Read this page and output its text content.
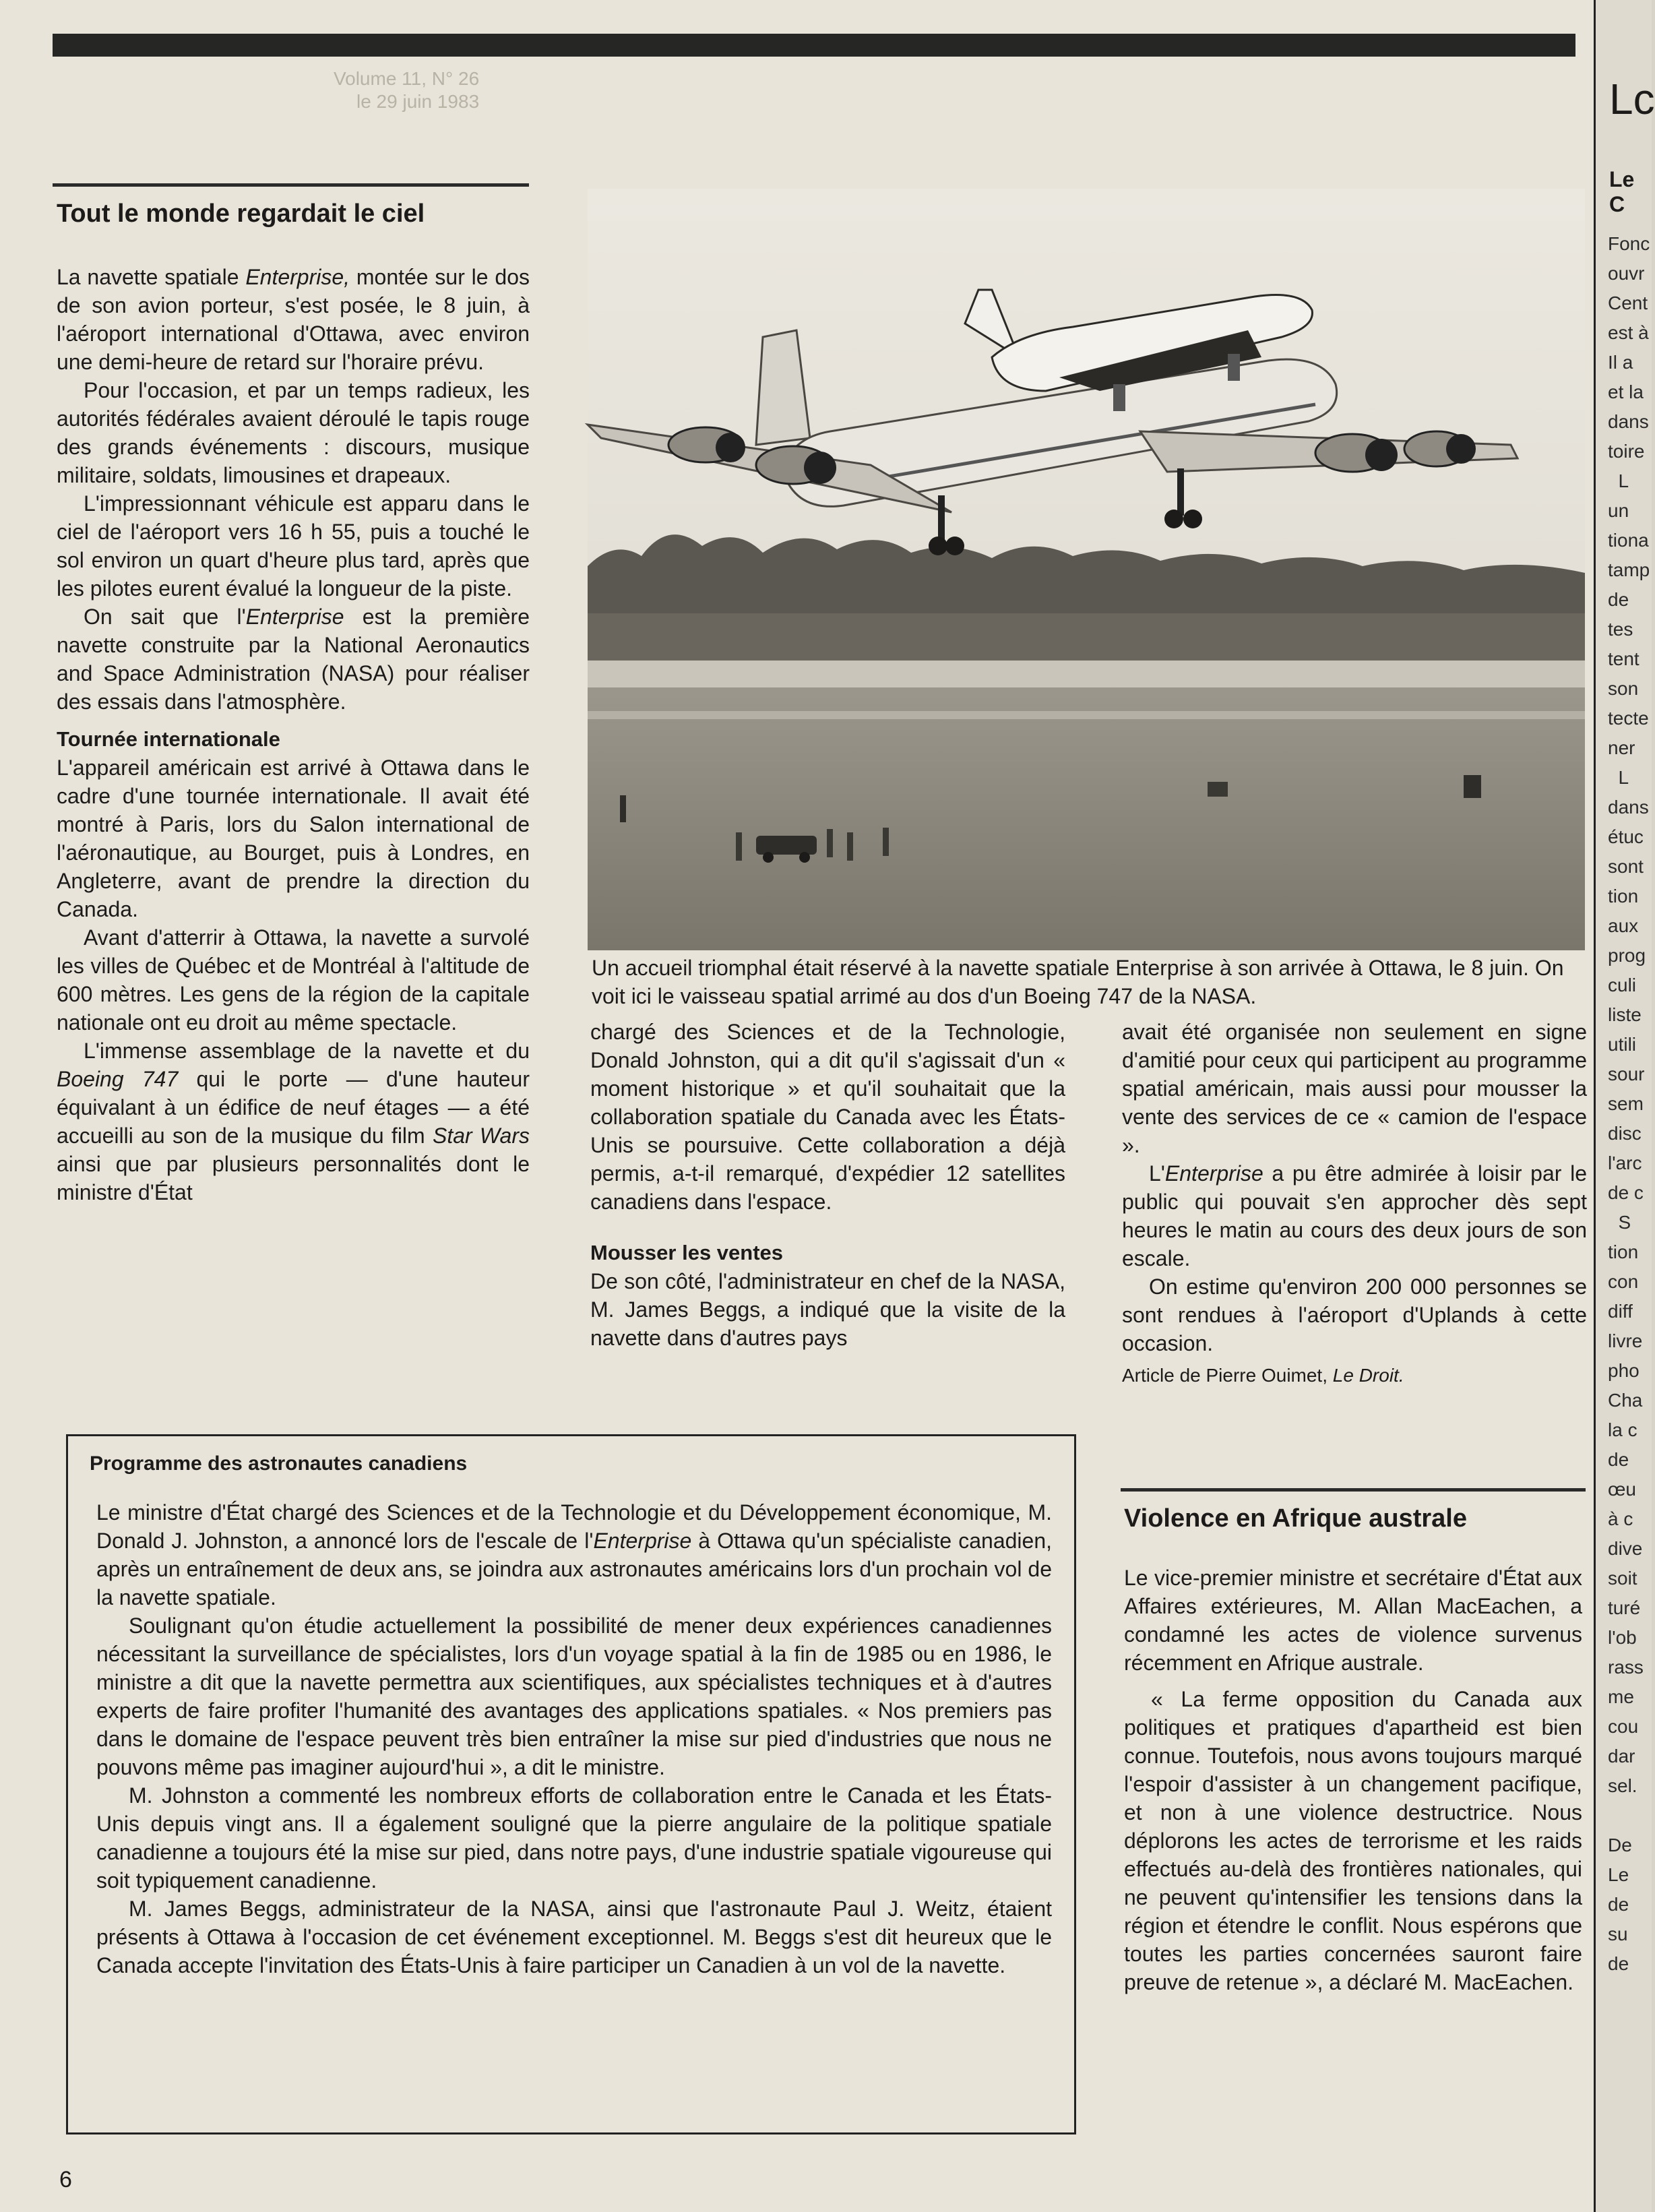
Volume 11, N° 26
le 29 juin 1983
Tout le monde regardait le ciel

La navette spatiale Enterprise, montée sur le dos de son avion porteur, s'est posée, le 8 juin, à l'aéroport international d'Ottawa, avec environ une demi-heure de retard sur l'horaire prévu.

Pour l'occasion, et par un temps radieux, les autorités fédérales avaient déroulé le tapis rouge des grands événements : discours, musique militaire, soldats, limousines et drapeaux.

L'impressionnant véhicule est apparu dans le ciel de l'aéroport vers 16 h 55, puis a touché le sol environ un quart d'heure plus tard, après que les pilotes eurent évalué la longueur de la piste.

On sait que l'Enterprise est la première navette construite par la National Aeronautics and Space Administration (NASA) pour réaliser des essais dans l'atmosphère.

Tournée internationale

L'appareil américain est arrivé à Ottawa dans le cadre d'une tournée internationale. Il avait été montré à Paris, lors du Salon international de l'aéronautique, au Bourget, puis à Londres, en Angleterre, avant de prendre la direction du Canada.

Avant d'atterrir à Ottawa, la navette a survolé les villes de Québec et de Montréal à l'altitude de 600 mètres. Les gens de la région de la capitale nationale ont eu droit au même spectacle.

L'immense assemblage de la navette et du Boeing 747 qui le porte — d'une hauteur équivalant à un édifice de neuf étages — a été accueilli au son de la musique du film Star Wars ainsi que par plusieurs personnalités dont le ministre d'État

Un accueil triomphal était réservé à la navette spatiale Enterprise à son arrivée à Ottawa, le 8 juin. On voit ici le vaisseau spatial arrimé au dos d'un Boeing 747 de la NASA.

chargé des Sciences et de la Technologie, Donald Johnston, qui a dit qu'il s'agissait d'un « moment historique » et qu'il souhaitait que la collaboration spatiale du Canada avec les États-Unis se poursuive. Cette collaboration a déjà permis, a-t-il remarqué, d'expédier 12 satellites canadiens dans l'espace.

Mousser les ventes

De son côté, l'administrateur en chef de la NASA, M. James Beggs, a indiqué que la visite de la navette dans d'autres pays

avait été organisée non seulement en signe d'amitié pour ceux qui participent au programme spatial américain, mais aussi pour mousser la vente des services de ce « camion de l'espace ».

L'Enterprise a pu être admirée à loisir par le public qui pouvait s'en approcher dès sept heures le matin au cours des deux jours de son escale.

On estime qu'environ 200 000 personnes se sont rendues à l'aéroport d'Uplands à cette occasion.

Article de Pierre Ouimet, Le Droit.

Programme des astronautes canadiens

Le ministre d'État chargé des Sciences et de la Technologie et du Développement économique, M. Donald J. Johnston, a annoncé lors de l'escale de l'Enterprise à Ottawa qu'un spécialiste canadien, après un entraînement de deux ans, se joindra aux astronautes américains lors d'un prochain vol de la navette spatiale.

Soulignant qu'on étudie actuellement la possibilité de mener deux expériences canadiennes nécessitant la surveillance de spécialistes, lors d'un voyage spatial à la fin de 1985 ou en 1986, le ministre a dit que la navette permettra aux scientifiques, aux spécialistes techniques et à d'autres experts de faire profiter l'humanité des avantages des applications spatiales. « Nos premiers pas dans le domaine de l'espace peuvent très bien entraîner la mise sur pied d'industries que nous ne pouvons même pas imaginer aujourd'hui », a dit le ministre.

M. Johnston a commenté les nombreux efforts de collaboration entre le Canada et les États-Unis depuis vingt ans. Il a également souligné que la pierre angulaire de la politique spatiale canadienne a toujours été la mise sur pied, dans notre pays, d'une industrie spatiale vigoureuse qui soit typiquement canadienne.

M. James Beggs, administrateur de la NASA, ainsi que l'astronaute Paul J. Weitz, étaient présents à Ottawa à l'occasion de cet événement exceptionnel. M. Beggs s'est dit heureux que le Canada accepte l'invitation des États-Unis à faire participer un Canadien à un vol de la navette.

Violence en Afrique australe

Le vice-premier ministre et secrétaire d'État aux Affaires extérieures, M. Allan MacEachen, a condamné les actes de violence survenus récemment en Afrique australe.

« La ferme opposition du Canada aux politiques et pratiques d'apartheid est bien connue. Toutefois, nous avons toujours marqué l'espoir d'assister à un changement pacifique, et non à une violence destructrice. Nous déplorons les actes de terrorisme et les raids effectués au-delà des frontières nationales, qui ne peuvent qu'intensifier les tensions dans la région et étendre le conflit. Nous espérons que toutes les parties concernées sauront faire preuve de retenue », a déclaré M. MacEachen.

6
Lc
Le C
Fonc
ouvr
Cent
est à
Il a
et la
dans
toire
L
un
tiona
tamp
de
tes
tent
son
tecte
ner
L
dans
étuc
sont
tion
aux
prog
culi
liste
utili
sour
sem
disc
l'arc
de c
S
tion
con
diff
livre
pho
Cha
la c
de
œu
à c
dive
soit
turé
l'ob
rass
me
cou
dar
sel.

De
Le
de
su
de
